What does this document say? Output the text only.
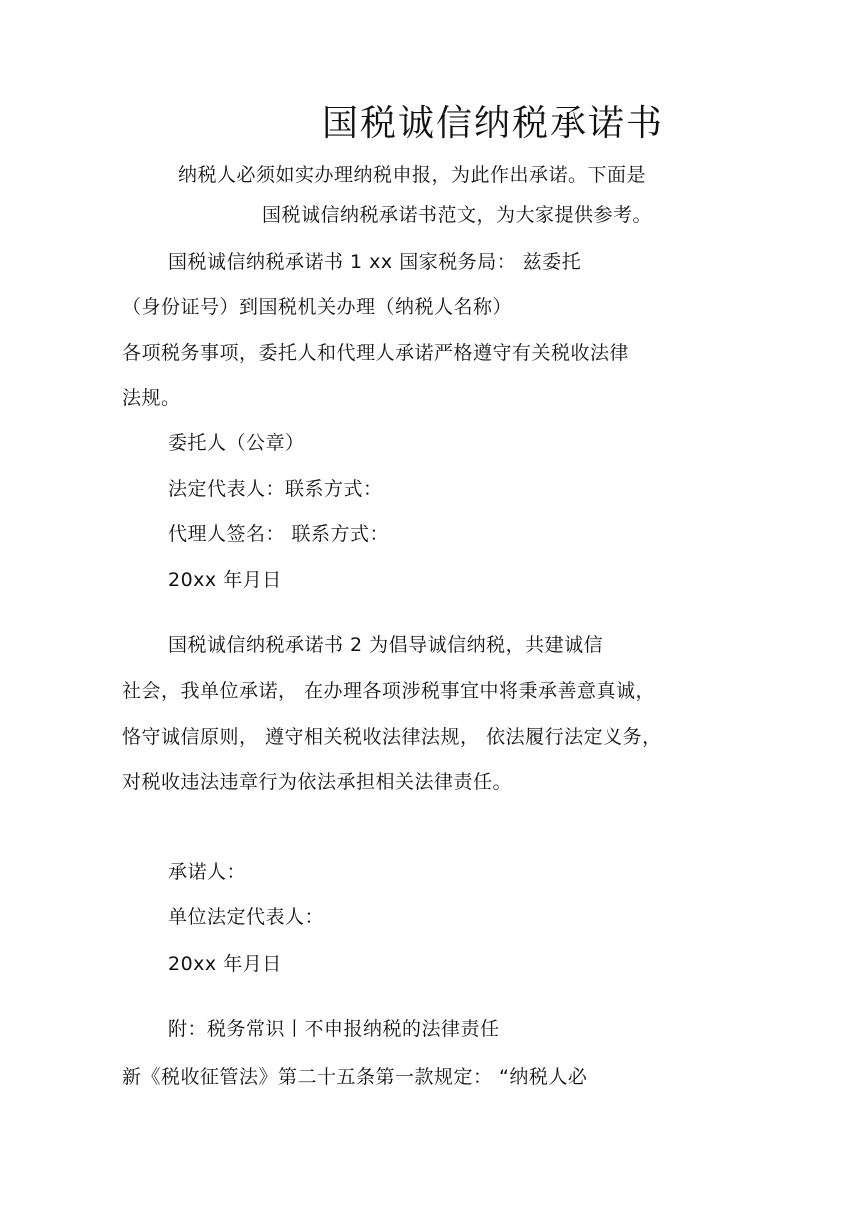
国税诚信纳税承诺书
纳税人必须如实办理纳税申报，为此作出承诺。下面是
国税诚信纳税承诺书范文，为大家提供参考。
国税诚信纳税承诺书 1 xx 国家税务局： 兹委托
（身份证号）到国税机关办理（纳税人名称）
各项税务事项，委托人和代理人承诺严格遵守有关税收法律
法规。
委托人（公章）
法定代表人：联系方式：
代理人签名： 联系方式：
20xx 年月日
国税诚信纳税承诺书 2 为倡导诚信纳税，共建诚信
社会，我单位承诺， 在办理各项涉税事宜中将秉承善意真诚，
恪守诚信原则， 遵守相关税收法律法规， 依法履行法定义务，
对税收违法违章行为依法承担相关法律责任。
承诺人：
单位法定代表人：
20xx 年月日
附：税务常识丨不申报纳税的法律责任
新《税收征管法》第二十五条第一款规定： “纳税人必
